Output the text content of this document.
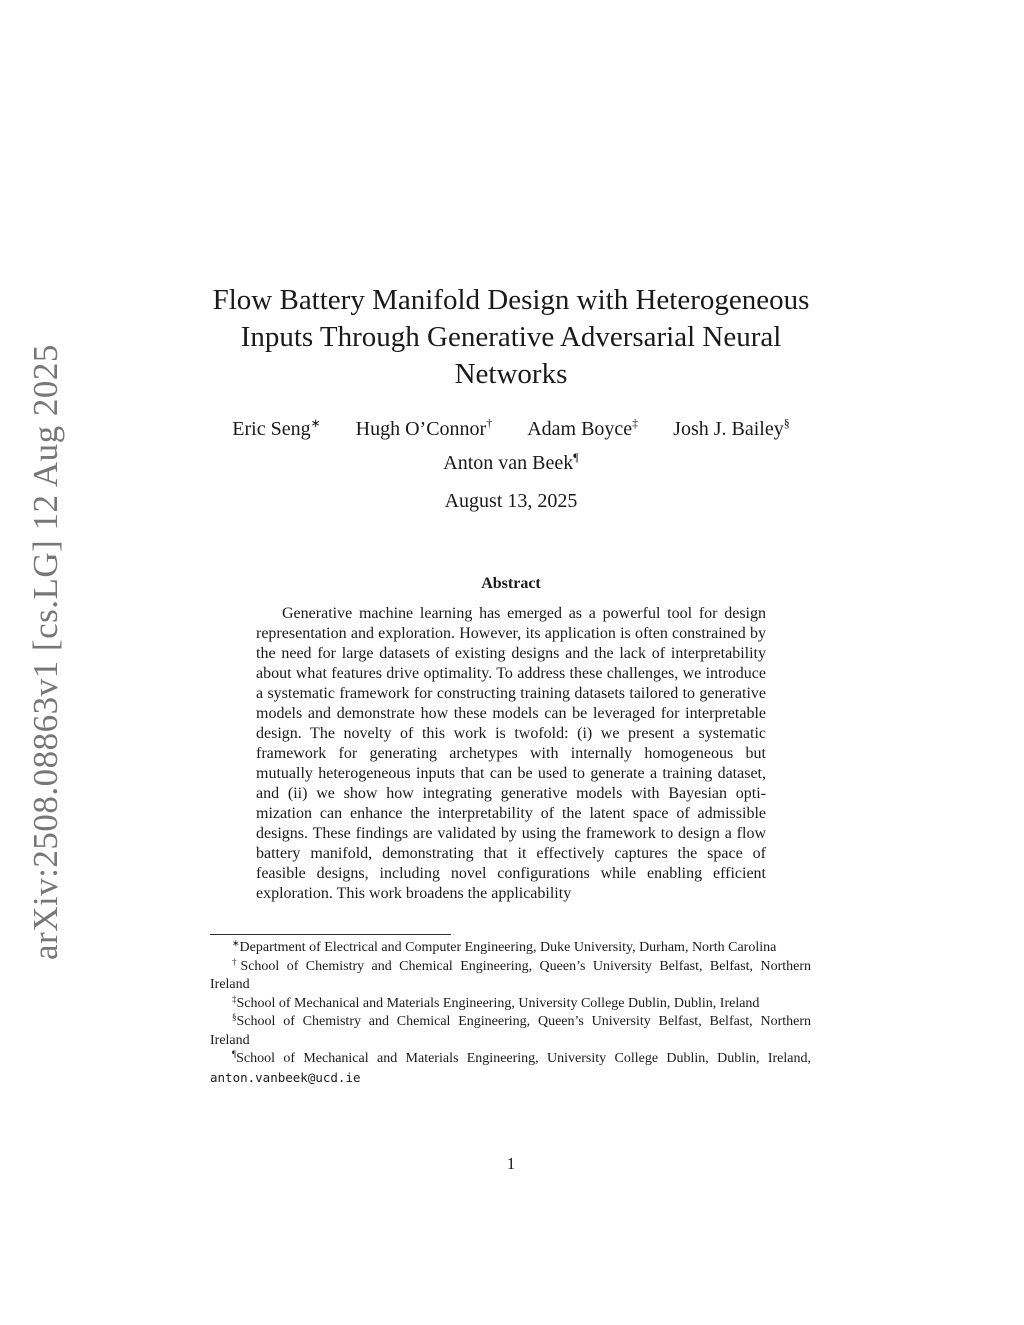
arXiv:2508.08863v1 [cs.LG] 12 Aug 2025
Flow Battery Manifold Design with Heterogeneous Inputs Through Generative Adversarial Neural Networks
Eric Seng∗ Hugh O’Connor† Adam Boyce‡ Josh J. Bailey§
Anton van Beek¶
August 13, 2025
Abstract

Generative machine learning has emerged as a powerful tool for design representation and exploration. However, its application is often constrained by the need for large datasets of existing designs and the lack of interpretability about what features drive optimality. To address these challenges, we introduce a systematic framework for constructing training datasets tailored to generative models and demonstrate how these models can be leveraged for interpretable design. The novelty of this work is twofold: (i) we present a systematic framework for generating archetypes with internally homogeneous but mutually heterogeneous inputs that can be used to generate a training dataset, and (ii) we show how integrating generative models with Bayesian optimization can enhance the interpretability of the latent space of admissible designs. These findings are validated by using the framework to design a flow battery manifold, demonstrating that it effectively captures the space of feasible designs, including novel configurations while enabling efficient exploration. This work broadens the applicability

∗Department of Electrical and Computer Engineering, Duke University, Durham, North Carolina

†School of Chemistry and Chemical Engineering, Queen’s University Belfast, Belfast, Northern Ireland

‡School of Mechanical and Materials Engineering, University College Dublin, Dublin, Ireland

§School of Chemistry and Chemical Engineering, Queen’s University Belfast, Belfast, Northern Ireland

¶School of Mechanical and Materials Engineering, University College Dublin, Dublin, Ireland, anton.vanbeek@ucd.ie

1
